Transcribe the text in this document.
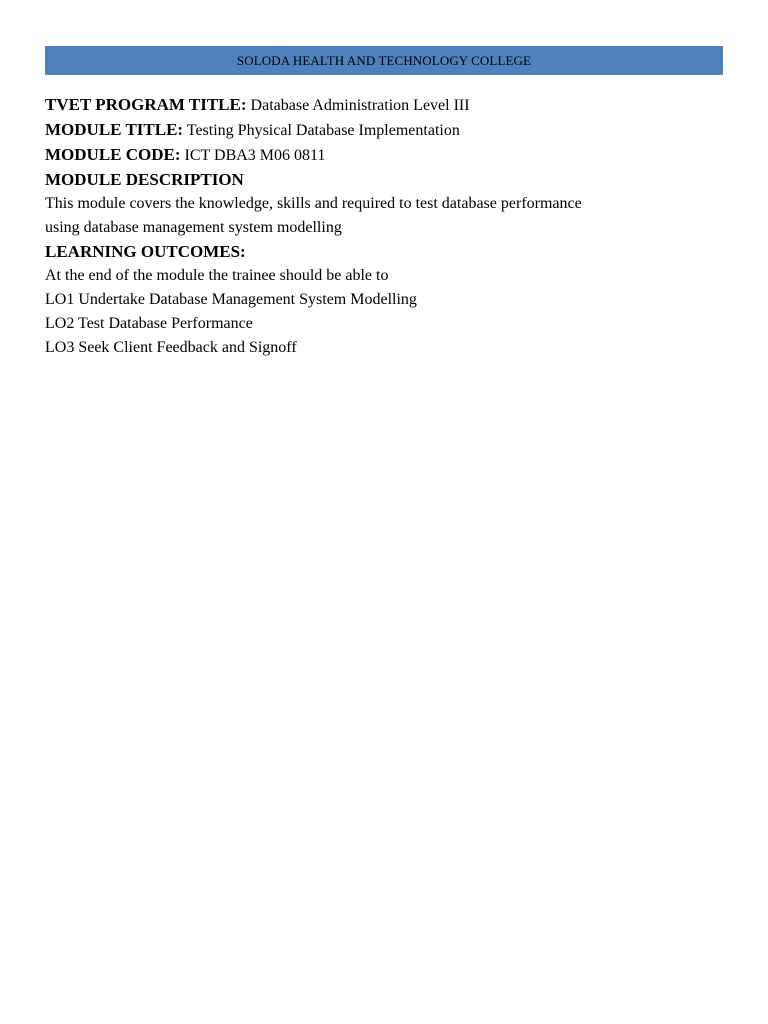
SOLODA HEALTH AND TECHNOLOGY COLLEGE

TVET PROGRAM TITLE: Database Administration Level III

MODULE TITLE: Testing Physical Database Implementation

MODULE CODE: ICT DBA3 M06 0811

MODULE DESCRIPTION

This module covers the knowledge, skills and required to test database performance

using database management system modelling

LEARNING OUTCOMES:

At the end of the module the trainee should be able to

LO1 Undertake Database Management System Modelling

LO2 Test Database Performance

LO3 Seek Client Feedback and Signoff
